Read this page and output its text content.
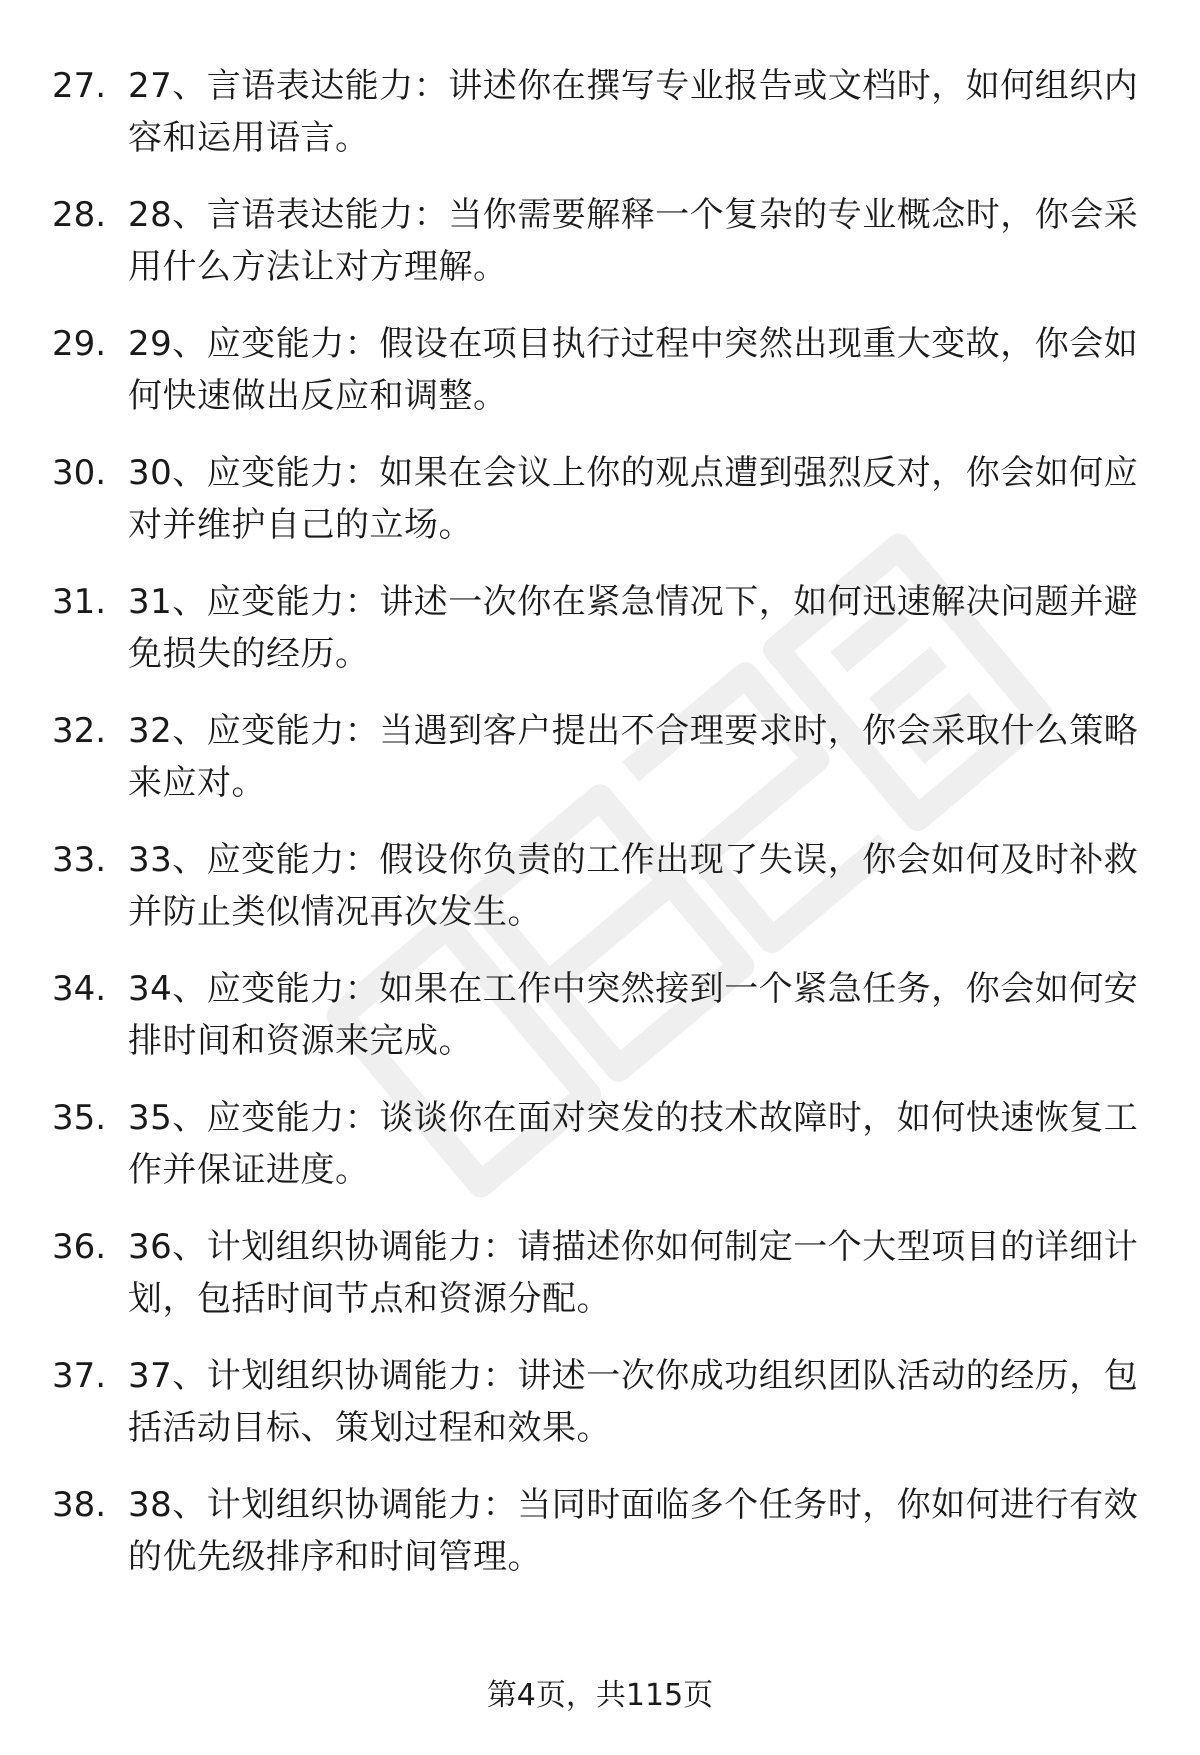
27. 27、言语表达能力：讲述你在撰写专业报告或文档时，如何组织内容和运用语言。
28. 28、言语表达能力：当你需要解释一个复杂的专业概念时，你会采用什么方法让对方理解。
29. 29、应变能力：假设在项目执行过程中突然出现重大变故，你会如何快速做出反应和调整。
30. 30、应变能力：如果在会议上你的观点遭到强烈反对，你会如何应对并维护自己的立场。
31. 31、应变能力：讲述一次你在紧急情况下，如何迅速解决问题并避免损失的经历。
32. 32、应变能力：当遇到客户提出不合理要求时，你会采取什么策略来应对。
33. 33、应变能力：假设你负责的工作出现了失误，你会如何及时补救并防止类似情况再次发生。
34. 34、应变能力：如果在工作中突然接到一个紧急任务，你会如何安排时间和资源来完成。
35. 35、应变能力：谈谈你在面对突发的技术故障时，如何快速恢复工作并保证进度。
36. 36、计划组织协调能力：请描述你如何制定一个大型项目的详细计划，包括时间节点和资源分配。
37. 37、计划组织协调能力：讲述一次你成功组织团队活动的经历，包括活动目标、策划过程和效果。
38. 38、计划组织协调能力：当同时面临多个任务时，你如何进行有效的优先级排序和时间管理。
第4页，共115页
